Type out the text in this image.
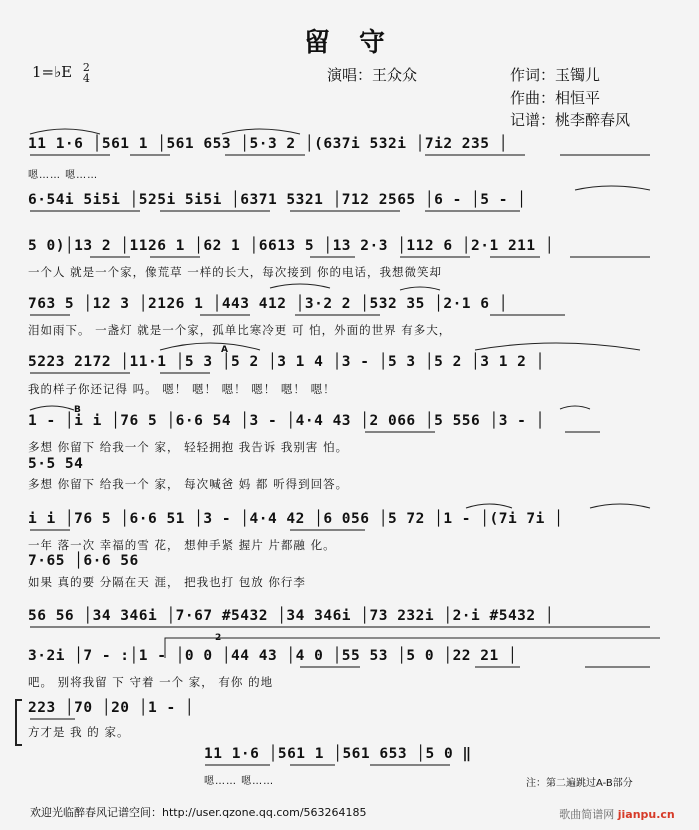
留 守
1=♭E 2
4	演唱：王众众	作词：玉镯儿
作曲：相恒平
记谱：桃李醉春风
11 1·6 │561 1 │561 653 │5·3 2 │(637i 532i │7i2 235 │
嗯…… 嗯……
6·54i 5i5i │525i 5i5i │6371 5321 │712 2565 │6 - │5 - │
5 0)│13 2 │1126 1 │62 1 │6613 5 │13 2·3 │112 6 │2·1 211 │
一个人 就是一个家，像荒草 一样的长大，每次接到 你的电话，我想微笑却
763 5 │12 3 │2126 1 │443 412 │3·2 2 │532 35 │2·1 6 │
泪如雨下。 一盏灯 就是一个家，孤单比寒冷更 可 怕，外面的世界 有多大，
5223 2172 │11·1 │5 3 │5 2 │3 1 4 │3 - │5 3 │5 2 │3 1 2 │
我的样子你还记得 吗。 嗯！ 嗯！ 嗯！ 嗯！ 嗯！ 嗯！
1 - │i i │76 5 │6·6 54 │3 - │4·4 43 │2 066 │5 556 │3 - │
多想 你留下 给我一个 家， 轻轻拥抱 我告诉 我别害 怕。
5·5 54
多想 你留下 给我一个 家， 每次喊爸 妈 都 听得到回答。
i i │76 5 │6·6 51 │3 - │4·4 42 │6 056 │5 72 │1 - │(7i 7i │
一年 落一次 幸福的雪 花， 想伸手紧 握片 片都融 化。
7·65 │6·6 56
如果 真的要 分隔在天 涯， 把我也打 包放 你行李
56 56 │34 346i │7·67 #5432 │34 346i │73 232i │2·i #5432 │
3·2i │7 - :│1 - │0 0 │44 43 │4 0 │55 53 │5 0 │22 21 │
吧。 别将我留 下 守着 一个 家， 有你 的地
223 │70 │20 │1 - │
方才是 我 的 家。
11 1·6 │561 1 │561 653 │5 0 ‖
嗯…… 嗯……
A
B
2
注：第二遍跳过A-B部分
欢迎光临醉春风记谱空间：http://user.qzone.qq.com/563264185	歌曲简谱网 jianpu.cn
